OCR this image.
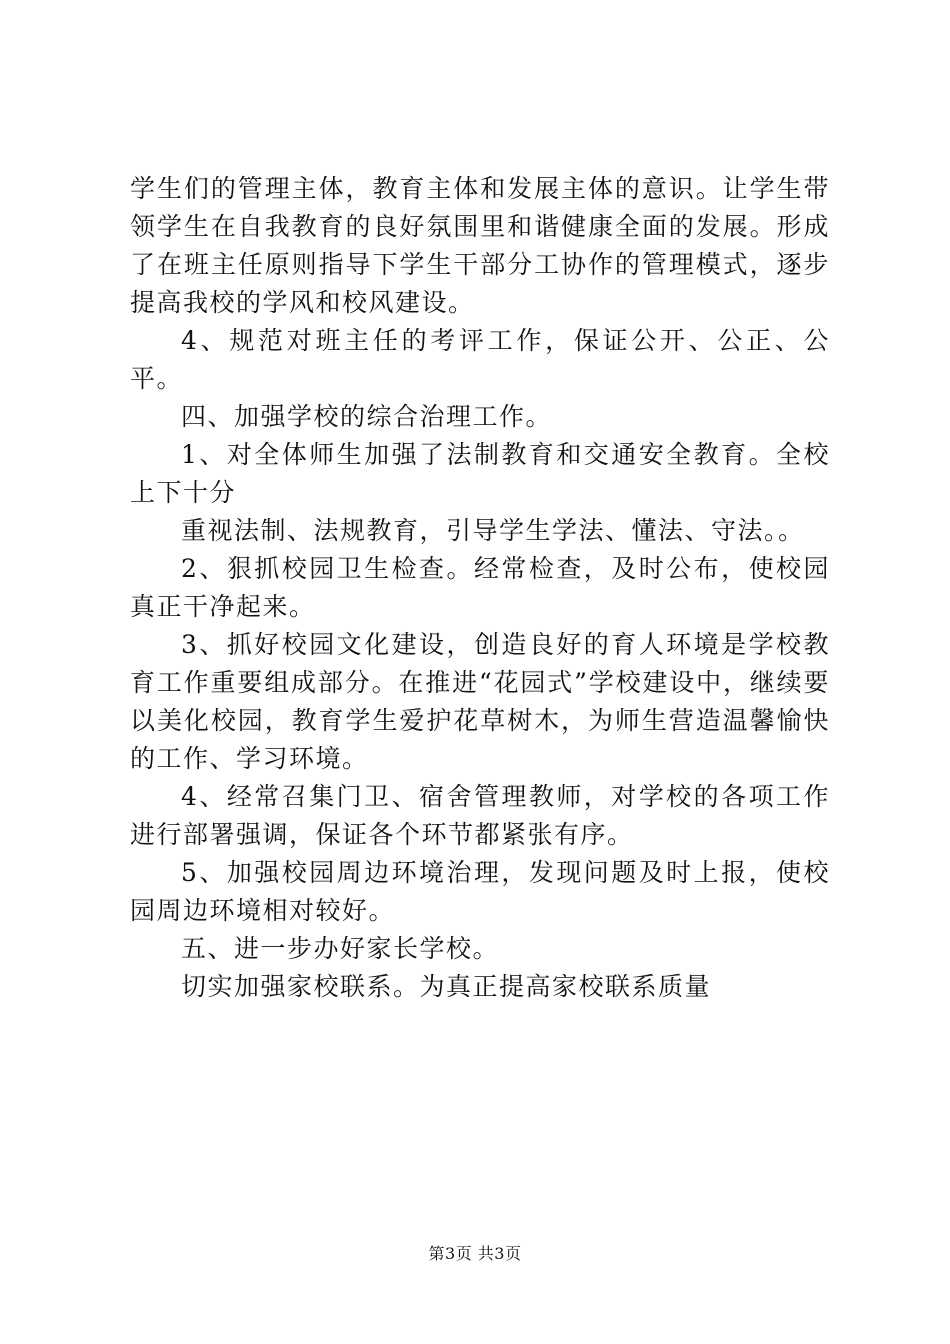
学生们的管理主体，教育主体和发展主体的意识。让学生带领学生在自我教育的良好氛围里和谐健康全面的发展。形成了在班主任原则指导下学生干部分工协作的管理模式，逐步提高我校的学风和校风建设。

4、规范对班主任的考评工作，保证公开、公正、公平。

四、加强学校的综合治理工作。

1、对全体师生加强了法制教育和交通安全教育。全校上下十分

重视法制、法规教育，引导学生学法、懂法、守法。。

2、狠抓校园卫生检查。经常检查，及时公布，使校园真正干净起来。

3、抓好校园文化建设，创造良好的育人环境是学校教育工作重要组成部分。在推进“花园式”学校建设中，继续要以美化校园，教育学生爱护花草树木，为师生营造温馨愉快的工作、学习环境。

4、经常召集门卫、宿舍管理教师，对学校的各项工作进行部署强调，保证各个环节都紧张有序。

5、加强校园周边环境治理，发现问题及时上报，使校园周边环境相对较好。

五、进一步办好家长学校。

切实加强家校联系。为真正提高家校联系质量

第3页 共3页
